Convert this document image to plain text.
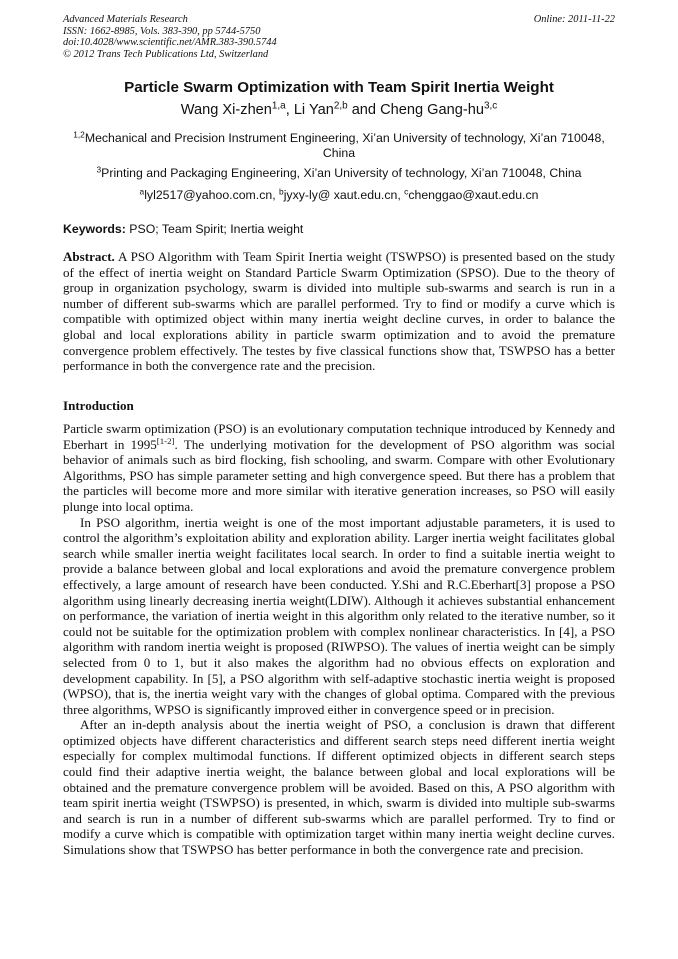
Advanced Materials Research
ISSN: 1662-8985, Vols. 383-390, pp 5744-5750
doi:10.4028/www.scientific.net/AMR.383-390.5744
© 2012 Trans Tech Publications Ltd, Switzerland
Online: 2011-11-22
Particle Swarm Optimization with Team Spirit Inertia Weight
Wang Xi-zhen$^{1,a}$, Li Yan$^{2,b}$ and Cheng Gang-hu$^{3,c}$
$^{1,2}$Mechanical and Precision Instrument Engineering, Xi’an University of technology, Xi’an 710048, China
$^3$Printing and Packaging Engineering, Xi’an University of technology, Xi’an 710048, China
$^a$lyl2517@yahoo.com.cn, $^b$jyxy-ly@ xaut.edu.cn, $^c$chenggao@xaut.edu.cn
Keywords: PSO; Team Spirit; Inertia weight

Abstract. A PSO Algorithm with Team Spirit Inertia weight (TSWPSO) is presented based on the study of the effect of inertia weight on Standard Particle Swarm Optimization (SPSO). Due to the theory of group in organization psychology, swarm is divided into multiple sub-swarms and search is run in a number of different sub-swarms which are parallel performed. Try to find or modify a curve which is compatible with optimized object within many inertia weight decline curves, in order to balance the global and local explorations ability in particle swarm optimization and to avoid the premature convergence problem effectively. The testes by five classical functions show that, TSWPSO has a better performance in both the convergence rate and the precision.

Introduction

Particle swarm optimization (PSO) is an evolutionary computation technique introduced by Kennedy and Eberhart in 1995[1-2]. The underlying motivation for the development of PSO algorithm was social behavior of animals such as bird flocking, fish schooling, and swarm. Compare with other Evolutionary Algorithms, PSO has simple parameter setting and high convergence speed. But there has a problem that the particles will become more and more similar with iterative generation increases, so PSO will easily plunge into local optima.

In PSO algorithm, inertia weight is one of the most important adjustable parameters, it is used to control the algorithm’s exploitation ability and exploration ability. Larger inertia weight facilitates global search while smaller inertia weight facilitates local search. In order to find a suitable inertia weight to provide a balance between global and local explorations and avoid the premature convergence problem effectively, a large amount of research have been conducted. Y.Shi and R.C.Eberhart[3] propose a PSO algorithm using linearly decreasing inertia weight(LDIW). Although it achieves substantial enhancement on performance, the variation of inertia weight in this algorithm only related to the iterative number, so it could not be suitable for the optimization problem with complex nonlinear characteristics. In [4], a PSO algorithm with random inertia weight is proposed (RIWPSO). The values of inertia weight can be simply selected from 0 to 1, but it also makes the algorithm had no obvious effects on exploration and development capability. In [5], a PSO algorithm with self-adaptive stochastic inertia weight is proposed (WPSO), that is, the inertia weight vary with the changes of global optima. Compared with the previous three algorithms, WPSO is significantly improved either in convergence speed or in precision.

After an in-depth analysis about the inertia weight of PSO, a conclusion is drawn that different optimized objects have different characteristics and different search steps need different inertia weight especially for complex multimodal functions. If different optimized objects in different search steps could find their adaptive inertia weight, the balance between global and local explorations will be obtained and the premature convergence problem will be avoided. Based on this, A PSO algorithm with team spirit inertia weight (TSWPSO) is presented, in which, swarm is divided into multiple sub-swarms and search is run in a number of different sub-swarms which are parallel performed. Try to find or modify a curve which is compatible with optimization target within many inertia weight decline curves. Simulations show that TSWPSO has better performance in both the convergence rate and precision.
